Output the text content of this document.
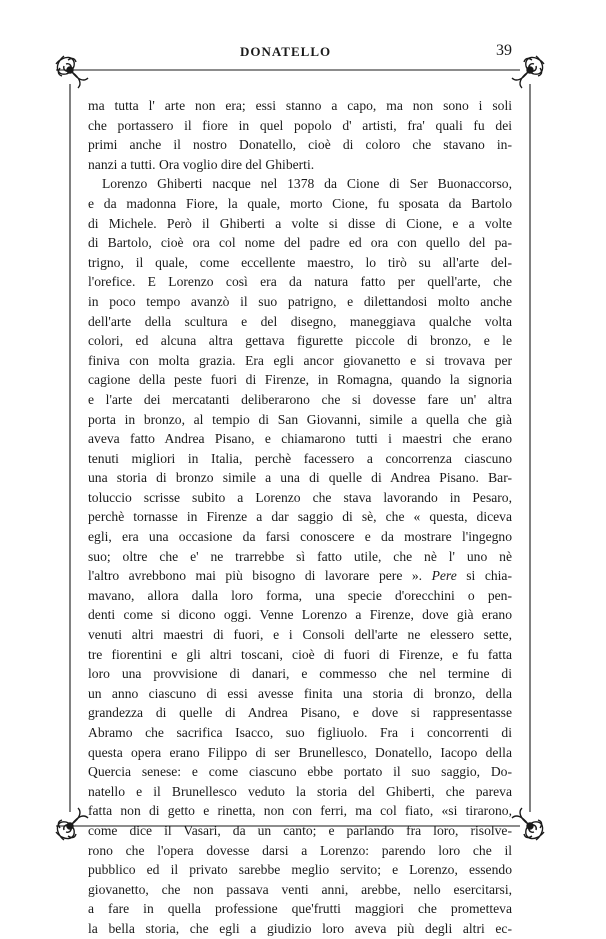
DONATELLO	39
ma tutta l' arte non era; essi stanno a capo, ma non sono i soli
che portassero il fiore in quel popolo d' artisti, fra' quali fu dei
primi anche il nostro Donatello, cioè di coloro che stavano in-
nanzi a tutti. Ora voglio dire del Ghiberti.
Lorenzo Ghiberti nacque nel 1378 da Cione di Ser Buonaccorso,
e da madonna Fiore, la quale, morto Cione, fu sposata da Bartolo
di Michele. Però il Ghiberti a volte si disse di Cione, e a volte
di Bartolo, cioè ora col nome del padre ed ora con quello del pa-
trigno, il quale, come eccellente maestro, lo tirò su all'arte del-
l'orefice. E Lorenzo così era da natura fatto per quell'arte, che
in poco tempo avanzò il suo patrigno, e dilettandosi molto anche
dell'arte della scultura e del disegno, maneggiava qualche volta
colori, ed alcuna altra gettava figurette piccole di bronzo, e le
finiva con molta grazia. Era egli ancor giovanetto e si trovava per
cagione della peste fuori di Firenze, in Romagna, quando la signoria
e l'arte dei mercatanti deliberarono che si dovesse fare un' altra
porta in bronzo, al tempio di San Giovanni, simile a quella che già
aveva fatto Andrea Pisano, e chiamarono tutti i maestri che erano
tenuti migliori in Italia, perchè facessero a concorrenza ciascuno
una storia di bronzo simile a una di quelle di Andrea Pisano. Bar-
toluccio scrisse subito a Lorenzo che stava lavorando in Pesaro,
perchè tornasse in Firenze a dar saggio di sè, che « questa, diceva
egli, era una occasione da farsi conoscere e da mostrare l'ingegno
suo; oltre che e' ne trarrebbe sì fatto utile, che nè l' uno nè
l'altro avrebbono mai più bisogno di lavorare pere ». Pere si chia-
mavano, allora dalla loro forma, una specie d'orecchini o pen-
denti come si dicono oggi. Venne Lorenzo a Firenze, dove già erano
venuti altri maestri di fuori, e i Consoli dell'arte ne elessero sette,
tre fiorentini e gli altri toscani, cioè di fuori di Firenze, e fu fatta
loro una provvisione di danari, e commesso che nel termine di
un anno ciascuno di essi avesse finita una storia di bronzo, della
grandezza di quelle di Andrea Pisano, e dove si rappresentasse
Abramo che sacrifica Isacco, suo figliuolo. Fra i concorrenti di
questa opera erano Filippo di ser Brunellesco, Donatello, Iacopo della
Quercia senese: e come ciascuno ebbe portato il suo saggio, Do-
natello e il Brunellesco veduto la storia del Ghiberti, che pareva
fatta non di getto e rinetta, non con ferri, ma col fiato, «si tirarono,
come dice il Vasari, da un canto; e parlando fra loro, risolve-
rono che l'opera dovesse darsi a Lorenzo: parendo loro che il
pubblico ed il privato sarebbe meglio servito; e Lorenzo, essendo
giovanetto, che non passava venti anni, arebbe, nello esercitarsi,
a fare in quella professione que'frutti maggiori che prometteva
la bella storia, che egli a giudizio loro aveva più degli altri ec-
